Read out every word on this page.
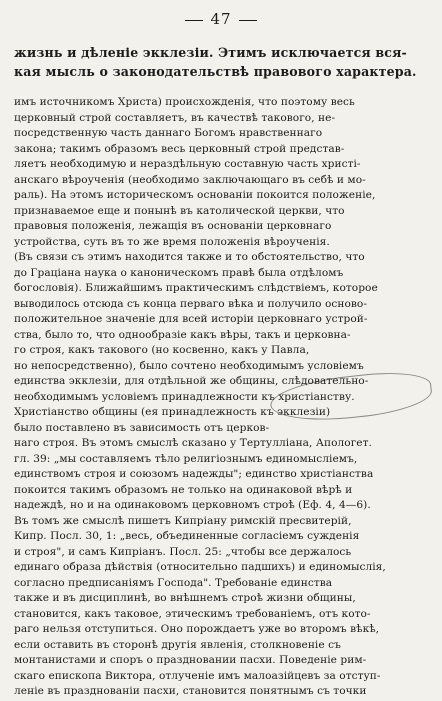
47
жизнь и дѣленіе экклезіи. Этимъ исключается вся-
кая мысль о законодательствѣ правового характера.
имъ источникомъ Христа) происхожденія, что поэтому весь
церковный строй составляетъ, въ качествѣ такового, не-
посредственную часть даннаго Богомъ нравственнаго
закона; такимъ образомъ весь церковный строй представ-
ляетъ необходимую и нераздѣльную составную часть христі-
анскаго вѣроученія (необходимо заключающаго въ себѣ и мо-
раль). На этомъ историческомъ основаніи покоится положеніе,
признаваемое еще и понынѣ въ католической церкви, что
правовыя положенія, лежащія въ основаніи церковнаго
устройства, суть въ то же время положенія вѣроученія.
(Въ связи съ этимъ находится также и то обстоятельство, что
до Граціана наука о каноническомъ правѣ была отдѣломъ
богословія). Ближайшимъ практическимъ слѣдствіемъ, которое
выводилось отсюда съ конца перваго вѣка и получило осново-
положительное значеніе для всей исторіи церковнаго устрой-
ства, было то, что однообразіе какъ вѣры, такъ и церковна-
го строя, какъ такового (но косвенно, какъ у Павла,
но непосредственно), было сочтено необходимымъ условіемъ
единства экклезіи, для отдѣльной же общины, слѣдовательно-
необходимымъ условіемъ принадлежности къ христіанству.
Христіанство общины (ея принадлежность къ экклезіи)
было поставлено въ зависимость отъ церков-
наго строя. Въ этомъ смыслѣ сказано у Тертулліана, Апологет.
гл. 39: „мы составляемъ тѣло религіознымъ единомысліемъ,
единствомъ строя и союзомъ надежды"; единство христіанства
покоится такимъ образомъ не только на одинаковой вѣрѣ и
надеждѣ, но и на одинаковомъ церковномъ строѣ (Еф. 4, 4—6).
Въ томъ же смыслѣ пишетъ Кипріану римскій пресвитерій,
Кипр. Посл. 30, 1: „весь, объединенные согласіемъ сужденія
и строя", и самъ Кипріанъ. Посл. 25: „чтобы все держалось
единаго образа дѣйствія (относительно падшихъ) и единомыслія,
согласно предписаніямъ Господа". Требованіе единства
также и въ дисциплинѣ, во внѣшнемъ строѣ жизни общины,
становится, какъ таковое, этическимъ требованіемъ, отъ кото-
раго нельзя отступиться. Оно порождаетъ уже во второмъ вѣкѣ,
если оставить въ сторонѣ другія явленія, столкновеніе съ
монтанистами и споръ о праздновании пасхи. Поведеніе рим-
скаго епископа Виктора, отлученіе имъ малоазійцевъ за отступ-
леніе въ празднованіи пасхи, становится понятнымъ съ точки
